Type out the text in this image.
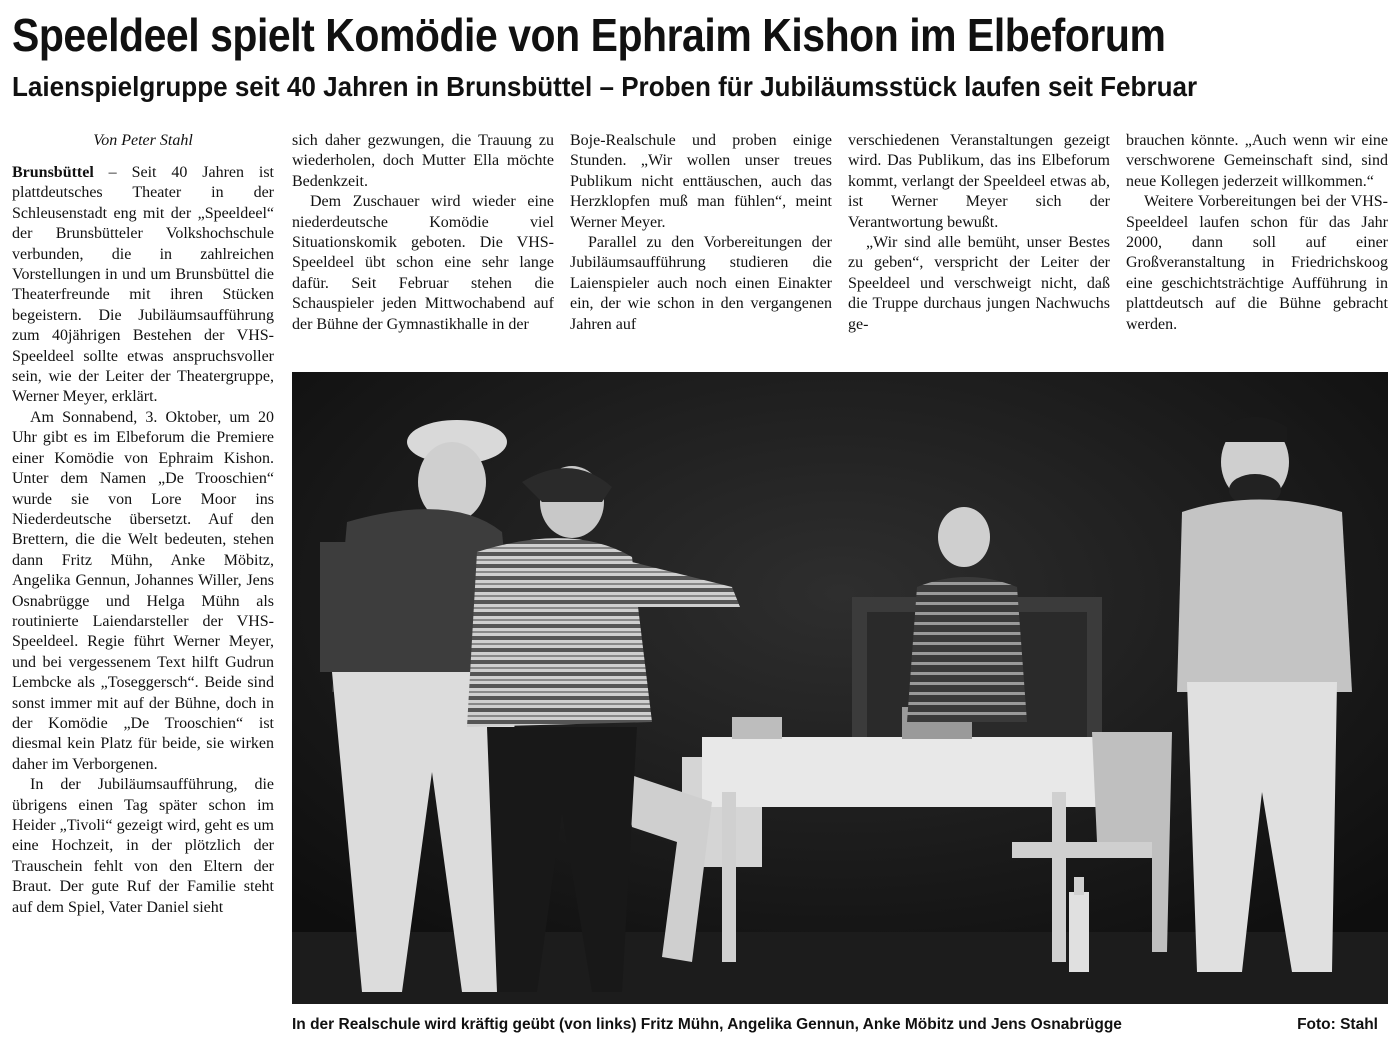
Speeldeel spielt Komödie von Ephraim Kishon im Elbeforum
Laienspielgruppe seit 40 Jahren in Brunsbüttel – Proben für Jubiläumsstück laufen seit Februar
Von Peter Stahl

Brunsbüttel – Seit 40 Jahren ist plattdeutsches Theater in der Schleusenstadt eng mit der „Speeldeel“ der Brunsbütteler Volkshochschule verbunden, die in zahlreichen Vorstellungen in und um Brunsbüttel die Theaterfreunde mit ihren Stücken begeistern. Die Jubiläumsaufführung zum 40jährigen Bestehen der VHS-Speeldeel sollte etwas anspruchsvoller sein, wie der Leiter der Theatergruppe, Werner Meyer, erklärt.

Am Sonnabend, 3. Oktober, um 20 Uhr gibt es im Elbeforum die Premiere einer Komödie von Ephraim Kishon. Unter dem Namen „De Trooschien“ wurde sie von Lore Moor ins Niederdeutsche übersetzt. Auf den Brettern, die die Welt bedeuten, stehen dann Fritz Mühn, Anke Möbitz, Angelika Gennun, Johannes Willer, Jens Osnabrügge und Helga Mühn als routinierte Laiendarsteller der VHS-Speeldeel. Regie führt Werner Meyer, und bei vergessenem Text hilft Gudrun Lembcke als „Toseggersch“. Beide sind sonst immer mit auf der Bühne, doch in der Komödie „De Trooschien“ ist diesmal kein Platz für beide, sie wirken daher im Verborgenen.

In der Jubiläumsaufführung, die übrigens einen Tag später schon im Heider „Tivoli“ gezeigt wird, geht es um eine Hochzeit, in der plötzlich der Trauschein fehlt von den Eltern der Braut. Der gute Ruf der Familie steht auf dem Spiel, Vater Daniel sieht

sich daher gezwungen, die Trauung zu wiederholen, doch Mutter Ella möchte Bedenkzeit.

Dem Zuschauer wird wieder eine niederdeutsche Komödie viel Situationskomik geboten. Die VHS-Speeldeel übt schon eine sehr lange dafür. Seit Februar stehen die Schauspieler jeden Mittwochabend auf der Bühne der Gymnastikhalle in der

Boje-Realschule und proben einige Stunden. „Wir wollen unser treues Publikum nicht enttäuschen, auch das Herzklopfen muß man fühlen“, meint Werner Meyer.

Parallel zu den Vorbereitungen der Jubiläumsaufführung studieren die Laienspieler auch noch einen Einakter ein, der wie schon in den vergangenen Jahren auf

verschiedenen Veranstaltungen gezeigt wird. Das Publikum, das ins Elbeforum kommt, verlangt der Speeldeel etwas ab, ist Werner Meyer sich der Verantwortung bewußt.

„Wir sind alle bemüht, unser Bestes zu geben“, verspricht der Leiter der Speeldeel und verschweigt nicht, daß die Truppe durchaus jungen Nachwuchs ge-

brauchen könnte. „Auch wenn wir eine verschworene Gemeinschaft sind, sind neue Kollegen jederzeit willkommen.“

Weitere Vorbereitungen bei der VHS-Speeldeel laufen schon für das Jahr 2000, dann soll auf einer Großveranstaltung in Friedrichskoog eine geschichtsträchtige Aufführung in plattdeutsch auf die Bühne gebracht werden.

In der Realschule wird kräftig geübt (von links) Fritz Mühn, Angelika Gennun, Anke Möbitz und Jens Osnabrügge	Foto: Stahl
